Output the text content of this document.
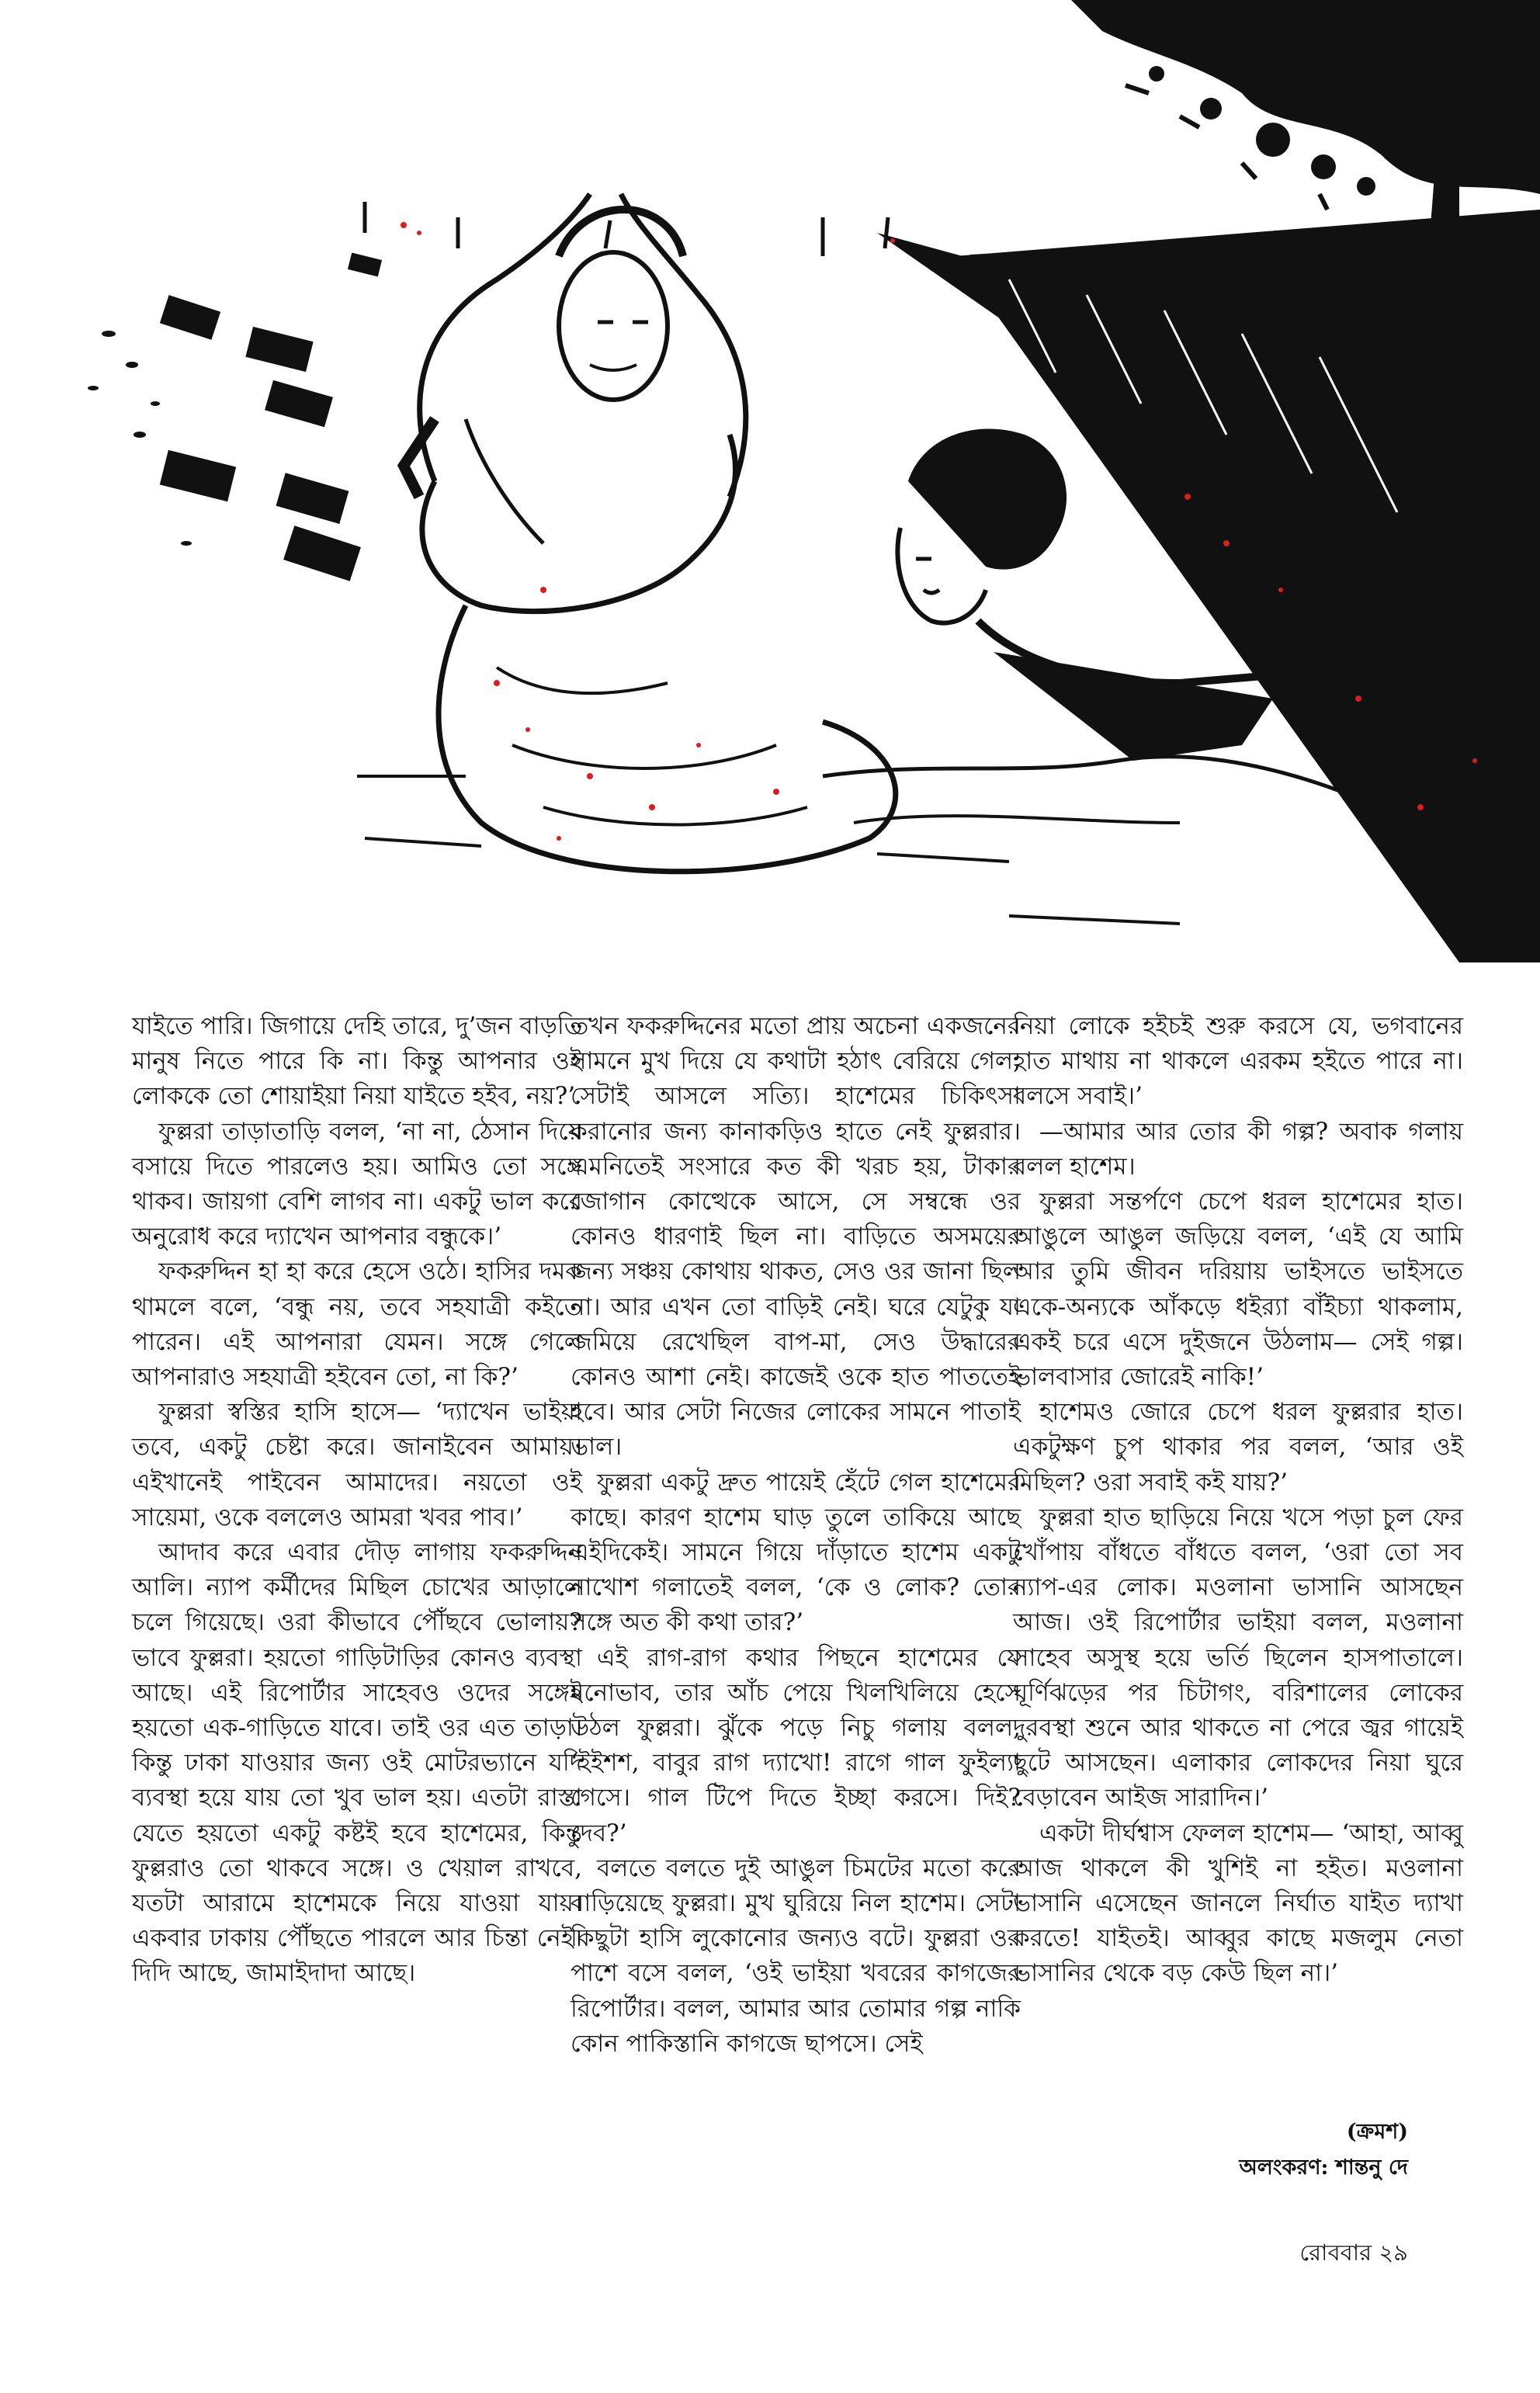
যাইতে পারি। জিগায়ে দেহি তারে, দু’জন বাড়তি মানুষ নিতে পারে কি না। কিন্তু আপনার ওই লোককে তো শোয়াইয়া নিয়া যাইতে হইব, নয়?’

ফুল্লরা তাড়াতাড়ি বলল, ‘না না, ঠেসান দিয়ে বসায়ে দিতে পারলেও হয়। আমিও তো সঙ্গে থাকব। জায়গা বেশি লাগব না। একটু ভাল করে অনুরোধ করে দ্যাখেন আপনার বন্ধুকে।’

ফকরুদ্দিন হা হা করে হেসে ওঠে। হাসির দমক থামলে বলে, ‘বন্ধু নয়, তবে সহযাত্রী কইতে পারেন। এই আপনারা যেমন। সঙ্গে গেলে আপনারাও সহযাত্রী হইবেন তো, না কি?’

ফুল্লরা স্বস্তির হাসি হাসে— ‘দ্যাখেন ভাইয়া তবে, একটু চেষ্টা করে। জানাইবেন আমায়। এইখানেই পাইবেন আমাদের। নয়তো ওই সায়েমা, ওকে বললেও আমরা খবর পাব।’

আদাব করে এবার দৌড় লাগায় ফকরুদ্দিন আলি। ন্যাপ কর্মীদের মিছিল চোখের আড়ালে চলে গিয়েছে। ওরা কীভাবে পৌঁছবে ভোলায়? ভাবে ফুল্লরা। হয়তো গাড়িটাড়ির কোনও ব্যবস্থা আছে। এই রিপোর্টার সাহেবও ওদের সঙ্গেই হয়তো এক-গাড়িতে যাবে। তাই ওর এত তাড়া। কিন্তু ঢাকা যাওয়ার জন্য ওই মোটরভ্যানে যদি ব্যবস্থা হয়ে যায় তো খুব ভাল হয়। এতটা রাস্তা যেতে হয়তো একটু কষ্টই হবে হাশেমের, কিন্তু ফুল্লরাও তো থাকবে সঙ্গে। ও খেয়াল রাখবে, যতটা আরামে হাশেমকে নিয়ে যাওয়া যায়। একবার ঢাকায় পৌঁছতে পারলে আর চিন্তা নেই। দিদি আছে, জামাইদাদা আছে।

তখন ফকরুদ্দিনের মতো প্রায় অচেনা একজনের সামনে মুখ দিয়ে যে কথাটা হঠাৎ বেরিয়ে গেল, সেটাই আসলে সত্যি। হাশেমের চিকিৎসা করানোর জন্য কানাকড়িও হাতে নেই ফুল্লরার। এমনিতেই সংসারে কত কী খরচ হয়, টাকার জোগান কোত্থেকে আসে, সে সম্বন্ধে ওর কোনও ধারণাই ছিল না। বাড়িতে অসময়ের জন্য সঞ্চয় কোথায় থাকত, সেও ওর জানা ছিল না। আর এখন তো বাড়িই নেই। ঘরে যেটুকু যা জমিয়ে রেখেছিল বাপ-মা, সেও উদ্ধারের কোনও আশা নেই। কাজেই ওকে হাত পাততেই হবে। আর সেটা নিজের লোকের সামনে পাতাই ভাল।

ফুল্লরা একটু দ্রুত পায়েই হেঁটে গেল হাশেমের কাছে। কারণ হাশেম ঘাড় তুলে তাকিয়ে আছে এইদিকেই। সামনে গিয়ে দাঁড়াতে হাশেম একটু নাখোশ গলাতেই বলল, ‘কে ও লোক? তোর সঙ্গে অত কী কথা তার?’

এই রাগ-রাগ কথার পিছনে হাশেমের যে মনোভাব, তার আঁচ পেয়ে খিলখিলিয়ে হেসে উঠল ফুল্লরা। ঝুঁকে পড়ে নিচু গলায় বলল, ‘ইইশশ, বাবুর রাগ দ্যাখো! রাগে গাল ফুইল্যা গেসে। গাল টিপে দিতে ইচ্ছা করসে। দিই? দেব?’

বলতে বলতে দুই আঙুল চিমটের মতো করে বাড়িয়েছে ফুল্লরা। মুখ ঘুরিয়ে নিল হাশেম। সেটা কিছুটা হাসি লুকোনোর জন্যও বটে। ফুল্লরা ওর পাশে বসে বলল, ‘ওই ভাইয়া খবরের কাগজের রিপোর্টার। বলল, আমার আর তোমার গল্প নাকি কোন পাকিস্তানি কাগজে ছাপসে। সেই

নিয়া লোকে হইচই শুরু করসে যে, ভগবানের হাত মাথায় না থাকলে এরকম হইতে পারে না। বলসে সবাই।’

—আমার আর তোর কী গল্প? অবাক গলায় বলল হাশেম।

ফুল্লরা সন্তর্পণে চেপে ধরল হাশেমের হাত। আঙুলে আঙুল জড়িয়ে বলল, ‘এই যে আমি আর তুমি জীবন দরিয়ায় ভাইসতে ভাইসতে একে-অন্যকে আঁকড়ে ধইর‍্যা বাঁইচ্যা থাকলাম, একই চরে এসে দুইজনে উঠলাম— সেই গল্প। ভালবাসার জোরেই নাকি!’

হাশেমও জোরে চেপে ধরল ফুল্লরার হাত। একটুক্ষণ চুপ থাকার পর বলল, ‘আর ওই মিছিল? ওরা সবাই কই যায়?’

ফুল্লরা হাত ছাড়িয়ে নিয়ে খসে পড়া চুল ফের খোঁপায় বাঁধতে বাঁধতে বলল, ‘ওরা তো সব ন্যাপ-এর লোক। মওলানা ভাসানি আসছেন আজ। ওই রিপোর্টার ভাইয়া বলল, মওলানা সাহেব অসুস্থ হয়ে ভর্তি ছিলেন হাসপাতালে। ঘূর্ণিঝড়ের পর চিটাগং, বরিশালের লোকের দুরবস্থা শুনে আর থাকতে না পেরে জ্বর গায়েই ছুটে আসছেন। এলাকার লোকদের নিয়া ঘুরে বেড়াবেন আইজ সারাদিন।’

একটা দীর্ঘশ্বাস ফেলল হাশেম— ‘আহা, আব্বু আজ থাকলে কী খুশিই না হইত। মওলানা ভাসানি এসেছেন জানলে নির্ঘাত যাইত দ্যাখা করতে! যাইতই। আব্বুর কাছে মজলুম নেতা ভাসানির থেকে বড় কেউ ছিল না।’

(ক্রমশ)
অলংকরণ: শান্তনু দে
রোববার ২৯
